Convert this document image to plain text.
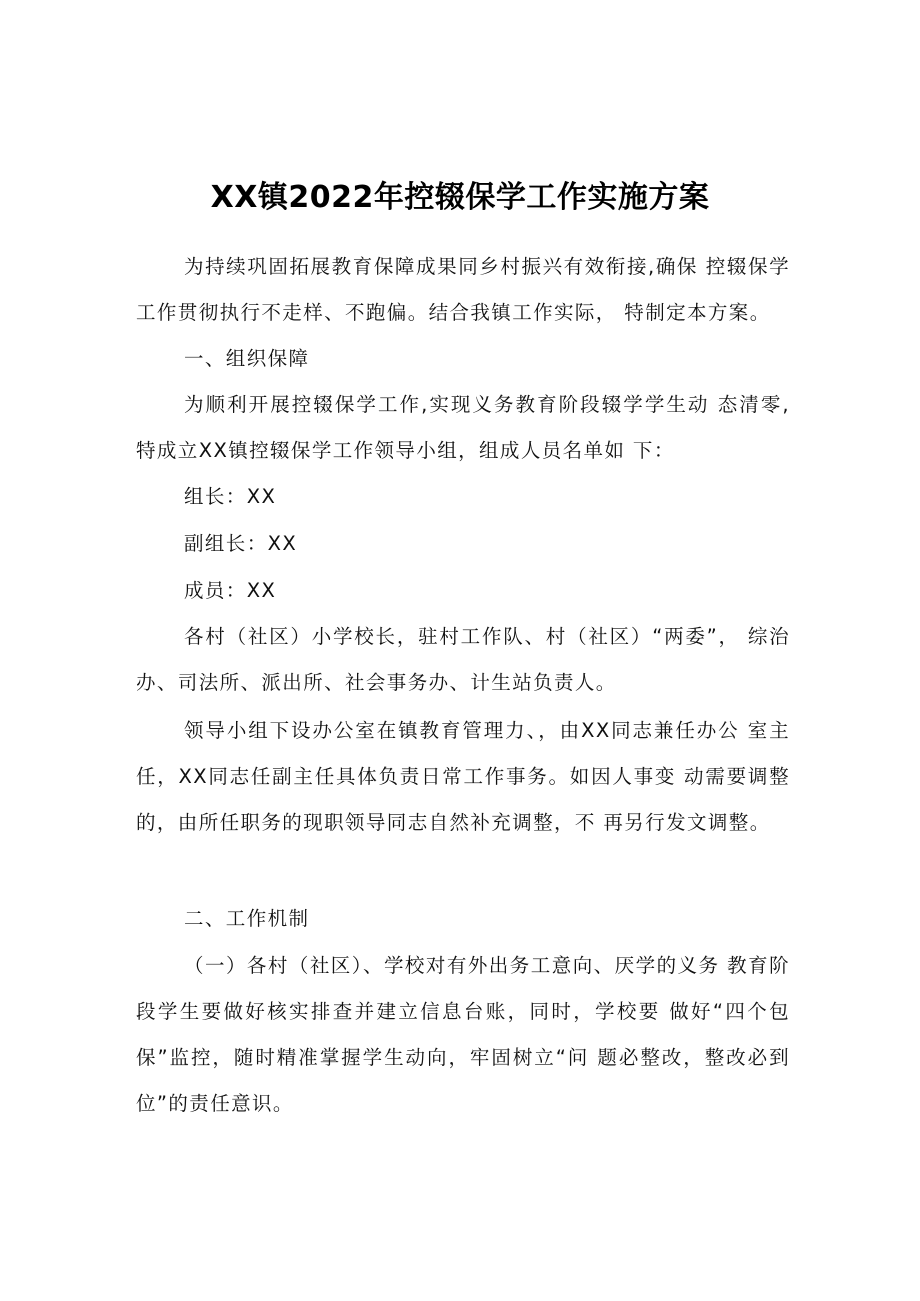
XX镇2022年控辍保学工作实施方案

为持续巩固拓展教育保障成果同乡村振兴有效衔接,确保 控辍保学工作贯彻执行不走样、不跑偏。结合我镇工作实际， 特制定本方案。

一、组织保障

为顺利开展控辍保学工作,实现义务教育阶段辍学学生动 态清零,特成立XX镇控辍保学工作领导小组，组成人员名单如 下：

组长：XX

副组长：XX

成员：XX

各村（社区）小学校长，驻村工作队、村（社区）“两委”， 综治办、司法所、派出所、社会事务办、计生站负责人。

领导小组下设办公室在镇教育管理力、，由XX同志兼任办公 室主任，XX同志任副主任具体负责日常工作事务。如因人事变 动需要调整的，由所任职务的现职领导同志自然补充调整，不 再另行发文调整。

二、工作机制

（一）各村（社区）、学校对有外出务工意向、厌学的义务 教育阶段学生要做好核实排查并建立信息台账，同时，学校要 做好“四个包保”监控，随时精准掌握学生动向，牢固树立“问 题必整改，整改必到位”的责任意识。
